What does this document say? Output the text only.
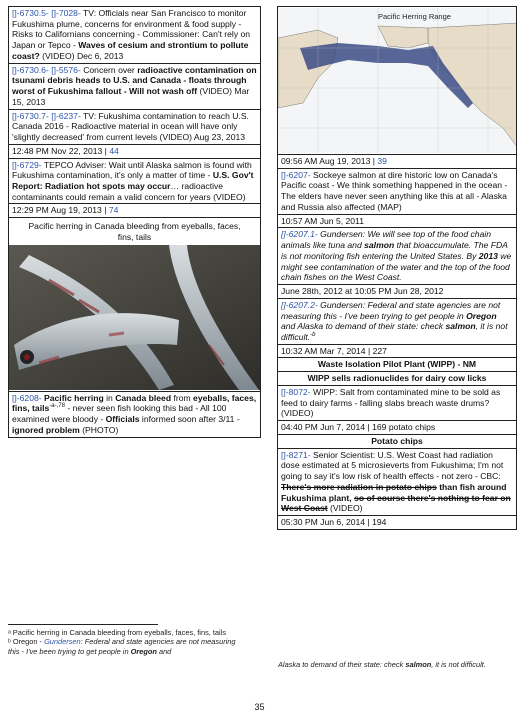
[]-6730.5- []-7028- TV: Officials near San Francisco to monitor Fukushima plume, concerns for environment & food supply - Risks to Californians concerning - Commissioner: Can't rely on Japan or Tepco - Waves of cesium and strontium to pollute coast? (VIDEO) Dec 6, 2013
[]-6730.6- []-5576- Concern over radioactive contamination on tsunami debris heads to U.S. and Canada - floats through worst of Fukushima fallout - Will not wash off (VIDEO) Mar 15, 2013
[]-6730.7- []-6237- TV: Fukushima contamination to reach U.S. Canada 2016 - Radioactive material in ocean will have only 'slightly decreased' from current levels (VIDEO) Aug 23, 2013
12:48 PM Nov 22, 2013 | 44
[]-6729- TEPCO Adviser: Wait until Alaska salmon is found with Fukushima contamination, it's only a matter of time - U.S. Gov't Report: Radiation hot spots may occur… radioactive contaminants could remain a valid concern for years (VIDEO)
12:29 PM Aug 19, 2013 | 74
Pacific herring in Canada bleeding from eyeballs, faces, fins, tails
[]-6208- Pacific herring in Canada bleed from eyeballs, faces, fins, tails$^{-a-,78}$ - never seen fish looking this bad - All 100 examined were bloody - Officials informed soon after 3/11 - ignored problem (PHOTO)
Pacific Herring Range
09:56 AM Aug 19, 2013 | 39
[]-6207- Sockeye salmon at dire historic low on Canada's Pacific coast - We think something happened in the ocean - The elders have never seen anything like this at all - Alaska and Russia also affected (MAP)
10:57 AM Jun 5, 2011
[]-6207.1- Gundersen: We will see top of the food chain animals like tuna and salmon that bioaccumulate. The FDA is not monitoring fish entering the United States. By 2013 we might see contamination of the water and the top of the food chain fishes on the West Coast.
June 28th, 2012 at 10:05 PM Jun 28, 2012
[]-6207.2- Gundersen: Federal and state agencies are not measuring this - I've been trying to get people in Oregon and Alaska to demand of their state: check salmon, it is not difficult.$^{-b}$
10:32 AM Mar 7, 2014 | 227
Waste Isolation Pilot Plant (WIPP) - NM
WIPP sells radionuclides for dairy cow licks
[]-8072- WIPP: Salt from contaminated mine to be sold as feed to dairy farms - falling slabs breach waste drums? (VIDEO)
04:40 PM Jun 7, 2014 | 169 potato chips
Potato chips
[]-8271- Senior Scientist: U.S. West Coast had radiation dose estimated at 5 microsieverts from Fukushima; I'm not going to say it's low risk of health effects - not zero - CBC: There's more radiation in potato chips than fish around Fukushima plant, so of course there's nothing to fear on West Coast (VIDEO)
05:30 PM Jun 6, 2014 | 194
ᵃ Pacific herring in Canada bleeding from eyeballs, faces, fins, tails
ᵇ Oregon - Gundersen: Federal and state agencies are not measuring this - I've been trying to get people in Oregon and
Alaska to demand of their state: check salmon, it is not difficult.
35
